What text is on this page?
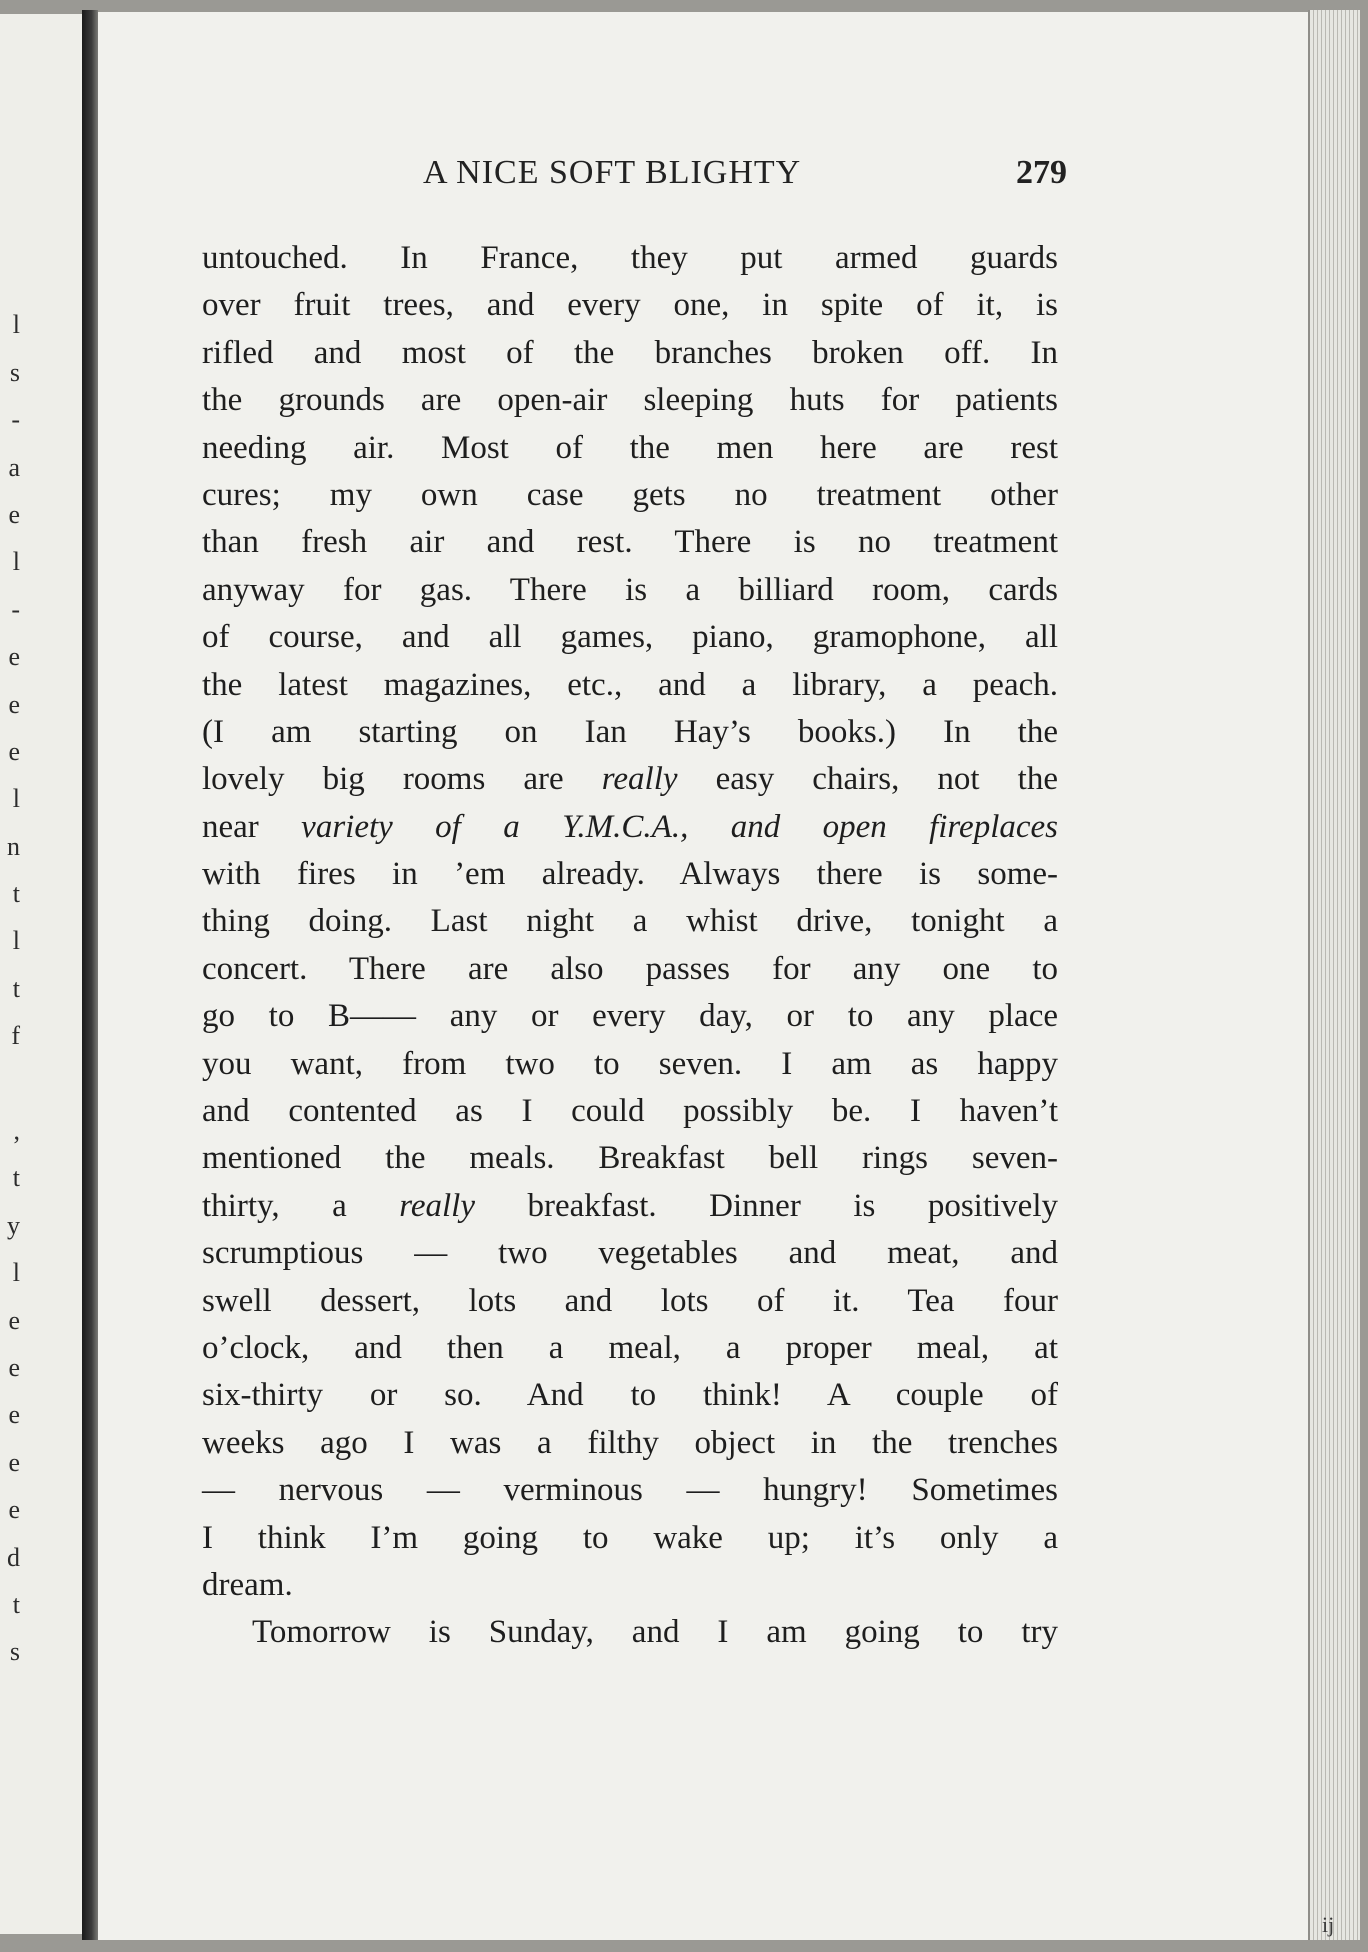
l
s
-
a
e
l
-
e
e
e
l
n
t
l
t
f
,
t
y
l
e
e
e
e
e
d
t
s
A NICE SOFT BLIGHTY	279
untouched. In France, they put armed guards
over fruit trees, and every one, in spite of it, is
rifled and most of the branches broken off. In
the grounds are open-air sleeping huts for patients
needing air. Most of the men here are rest
cures; my own case gets no treatment other
than fresh air and rest. There is no treatment
anyway for gas. There is a billiard room, cards
of course, and all games, piano, gramophone, all
the latest magazines, etc., and a library, a peach.
(I am starting on Ian Hay’s books.) In the
lovely big rooms are really easy chairs, not the
near variety of a Y.M.C.A., and open fireplaces
with fires in ’em already. Always there is some-
thing doing. Last night a whist drive, tonight a
concert. There are also passes for any one to
go to B—— any or every day, or to any place
you want, from two to seven. I am as happy
and contented as I could possibly be. I haven’t
mentioned the meals. Breakfast bell rings seven-
thirty, a really breakfast. Dinner is positively
scrumptious — two vegetables and meat, and
swell dessert, lots and lots of it. Tea four
o’clock, and then a meal, a proper meal, at
six-thirty or so. And to think! A couple of
weeks ago I was a filthy object in the trenches
— nervous — verminous — hungry! Sometimes
I think I’m going to wake up; it’s only a
dream.
Tomorrow is Sunday, and I am going to try
ij
